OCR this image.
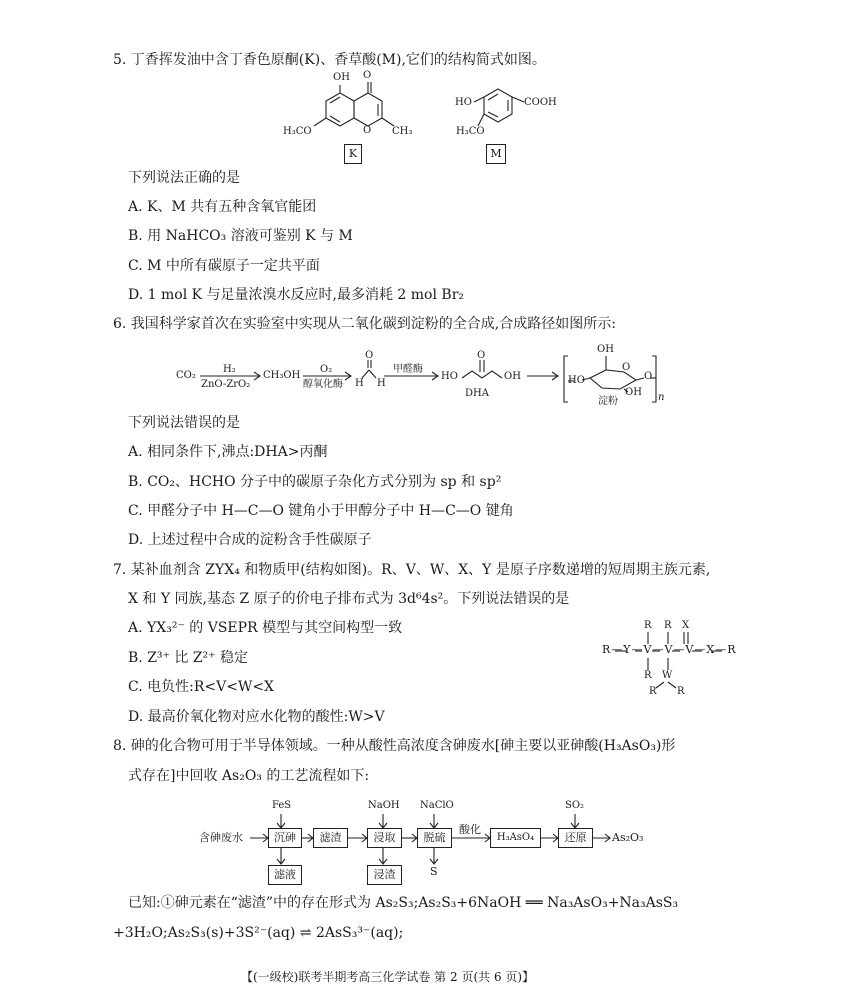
5. 丁香挥发油中含丁香色原酮(K)、香草酸(M),它们的结构简式如图。
OH O
H₃CO	O CH₃
K
HO	COOH
H₃CO
M
下列说法正确的是
A. K、M 共有五种含氧官能团
B. 用 NaHCO₃ 溶液可鉴别 K 与 M
C. M 中所有碳原子一定共平面
D. 1 mol K 与足量浓溴水反应时,最多消耗 2 mol Br₂
6. 我国科学家首次在实验室中实现从二氧化碳到淀粉的全合成,合成路径如图所示:
CO₂
H₂
ZnO-ZrO₂
CH₃OH
O₂
醇氧化酶
O
H H
甲醛酶
HO
O
OH
DHA
OH
HO
OH
O
O
淀粉	n
下列说法错误的是
A. 相同条件下,沸点:DHA>丙酮
B. CO₂、HCHO 分子中的碳原子杂化方式分别为 sp 和 sp²
C. 甲醛分子中 H—C—O 键角小于甲醇分子中 H—C—O 键角
D. 上述过程中合成的淀粉含手性碳原子
7. 某补血剂含 ZYX₄ 和物质甲(结构如图)。R、V、W、X、Y 是原子序数递增的短周期主族元素,
X 和 Y 同族,基态 Z 原子的价电子排布式为 3d⁶4s²。下列说法错误的是
A. YX₃²⁻ 的 VSEPR 模型与其空间构型一致
B. Z³⁺ 比 Z²⁺ 稳定
C. 电负性:R<V<W<X
D. 最高价氧化物对应水化物的酸性:W>V
R—Y—V—V—V—X—R
R R X
R W
R R
8. 砷的化合物可用于半导体领域。一种从酸性高浓度含砷废水[砷主要以亚砷酸(H₃AsO₃)形
式存在]中回收 As₂O₃ 的工艺流程如下:
FeS	NaOH NaClO	SO₂
含砷废水	沉砷	滤渣	浸取	脱硫
酸化
H₃AsO₄	还原	As₂O₃
滤液	浸渣	S
已知:①砷元素在“滤渣”中的存在形式为 As₂S₃;As₂S₃+6NaOH ══ Na₃AsO₃+Na₃AsS₃
+3H₂O;As₂S₃(s)+3S²⁻(aq) ⇌ 2AsS₃³⁻(aq);
【(一级校)联考半期考高三化学试卷 第 2 页(共 6 页)】
